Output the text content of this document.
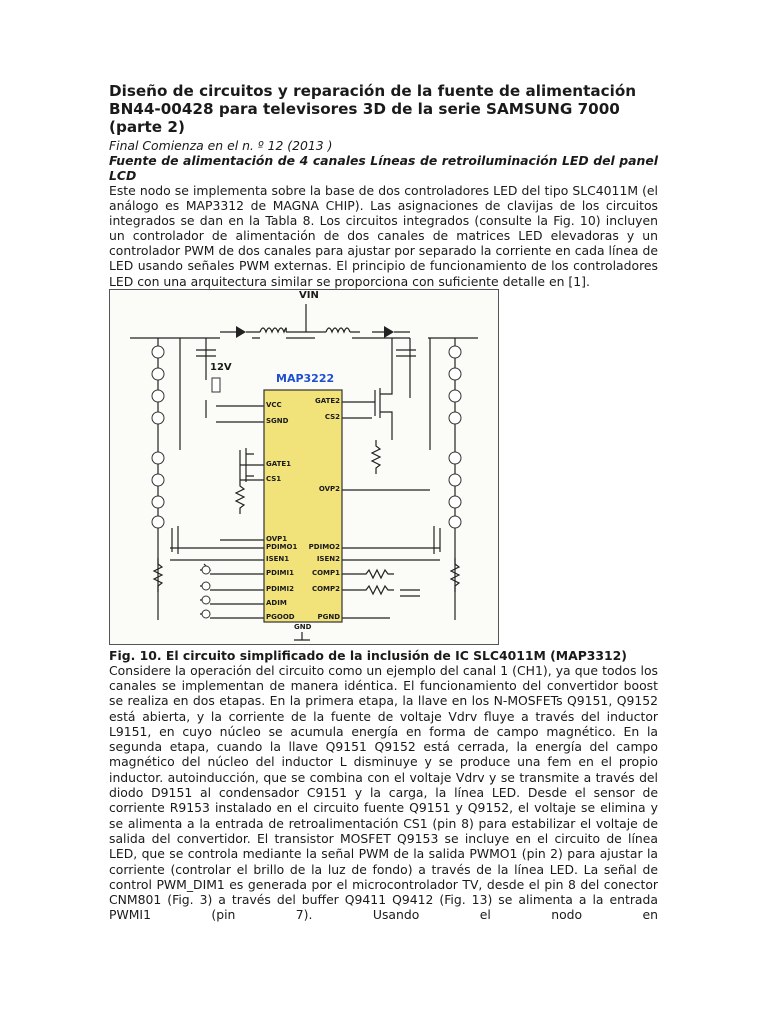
Diseño de circuitos y reparación de la fuente de alimentación BN44-00428 para televisores 3D de la serie SAMSUNG 7000 (parte 2)

Final Comienza en el n. º 12 (2013 )

Fuente de alimentación de 4 canales Líneas de retroiluminación LED del panel LCD

Este nodo se implementa sobre la base de dos controladores LED del tipo SLC4011M (el análogo es MAP3312 de MAGNA CHIP). Las asignaciones de clavijas de los circuitos integrados se dan en la Tabla 8. Los circuitos integrados (consulte la Fig. 10) incluyen un controlador de alimentación de dos canales de matrices LED elevadoras y un controlador PWM de dos canales para ajustar por separado la corriente en cada línea de LED usando señales PWM externas. El principio de funcionamiento de los controladores LED con una arquitectura similar se proporciona con suficiente detalle en [1].

VIN
12V
MAP3222
VCC
SGND
GATE1
CS1
OVP1
PDIMO1
ISEN1
PDIMI1
PDIMI2
ADIM
PGOOD
GATE2
CS2
OVP2
PDIMO2
ISEN2
COMP1
COMP2
PGND
GND

Fig. 10. El circuito simplificado de la inclusión de IC SLC4011M (MAP3312)

Considere la operación del circuito como un ejemplo del canal 1 (CH1), ya que todos los canales se implementan de manera idéntica. El funcionamiento del convertidor boost se realiza en dos etapas. En la primera etapa, la llave en los N-MOSFETs Q9151, Q9152 está abierta, y la corriente de la fuente de voltaje Vdrv fluye a través del inductor L9151, en cuyo núcleo se acumula energía en forma de campo magnético. En la segunda etapa, cuando la llave Q9151 Q9152 está cerrada, la energía del campo magnético del núcleo del inductor L disminuye y se produce una fem en el propio inductor. autoinducción, que se combina con el voltaje Vdrv y se transmite a través del diodo D9151 al condensador C9151 y la carga, la línea LED. Desde el sensor de corriente R9153 instalado en el circuito fuente Q9151 y Q9152, el voltaje se elimina y se alimenta a la entrada de retroalimentación CS1 (pin 8) para estabilizar el voltaje de salida del convertidor. El transistor MOSFET Q9153 se incluye en el circuito de línea LED, que se controla mediante la señal PWM de la salida PWMO1 (pin 2) para ajustar la corriente (controlar el brillo de la luz de fondo) a través de la línea LED. La señal de control PWM_DIM1 es generada por el microcontrolador TV, desde el pin 8 del conector CNM801 (Fig. 3) a través del buffer Q9411 Q9412 (Fig. 13) se alimenta a la entrada PWMI1 (pin 7). Usando el nodo en
